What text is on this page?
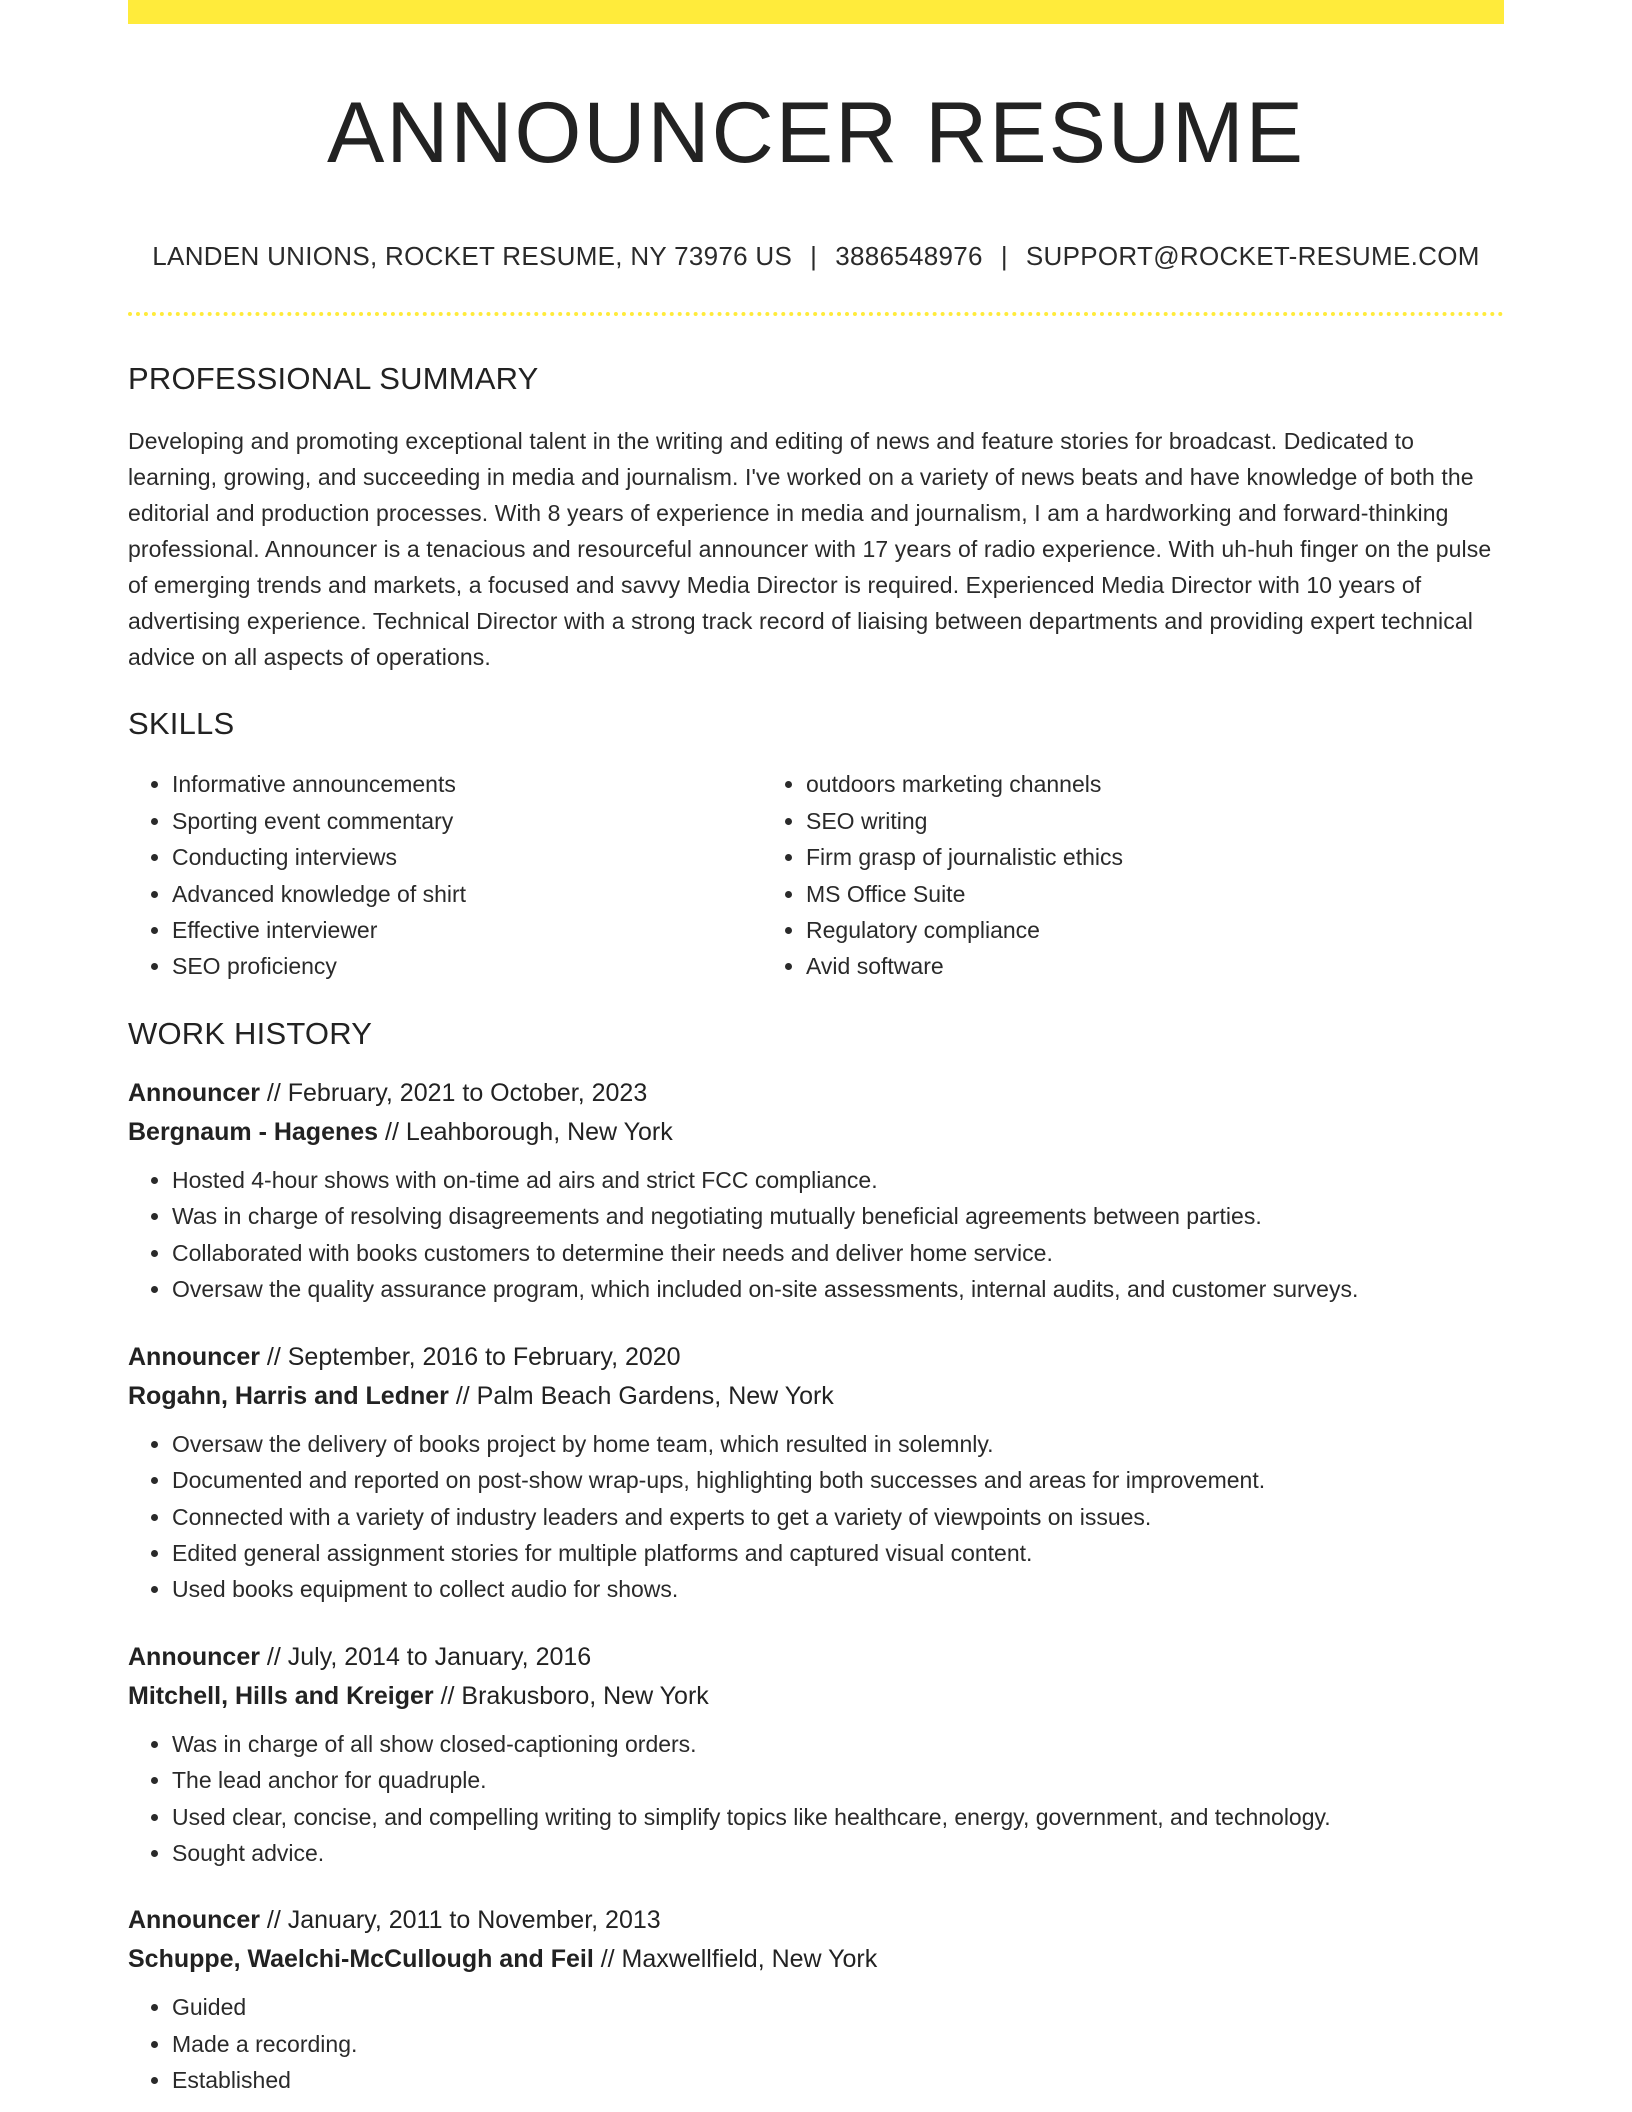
ANNOUNCER RESUME
LANDEN UNIONS, ROCKET RESUME, NY 73976 US | 3886548976 | SUPPORT@ROCKET-RESUME.COM
PROFESSIONAL SUMMARY
Developing and promoting exceptional talent in the writing and editing of news and feature stories for broadcast. Dedicated to learning, growing, and succeeding in media and journalism. I've worked on a variety of news beats and have knowledge of both the editorial and production processes. With 8 years of experience in media and journalism, I am a hardworking and forward-thinking professional. Announcer is a tenacious and resourceful announcer with 17 years of radio experience. With uh-huh finger on the pulse of emerging trends and markets, a focused and savvy Media Director is required. Experienced Media Director with 10 years of advertising experience. Technical Director with a strong track record of liaising between departments and providing expert technical advice on all aspects of operations.
SKILLS
• Informative announcements
• Sporting event commentary
• Conducting interviews
• Advanced knowledge of shirt
• Effective interviewer
• SEO proficiency
• outdoors marketing channels
• SEO writing
• Firm grasp of journalistic ethics
• MS Office Suite
• Regulatory compliance
• Avid software
WORK HISTORY
Announcer // February, 2021 to October, 2023
Bergnaum - Hagenes // Leahborough, New York
• Hosted 4-hour shows with on-time ad airs and strict FCC compliance.
• Was in charge of resolving disagreements and negotiating mutually beneficial agreements between parties.
• Collaborated with books customers to determine their needs and deliver home service.
• Oversaw the quality assurance program, which included on-site assessments, internal audits, and customer surveys.
Announcer // September, 2016 to February, 2020
Rogahn, Harris and Ledner // Palm Beach Gardens, New York
• Oversaw the delivery of books project by home team, which resulted in solemnly.
• Documented and reported on post-show wrap-ups, highlighting both successes and areas for improvement.
• Connected with a variety of industry leaders and experts to get a variety of viewpoints on issues.
• Edited general assignment stories for multiple platforms and captured visual content.
• Used books equipment to collect audio for shows.
Announcer // July, 2014 to January, 2016
Mitchell, Hills and Kreiger // Brakusboro, New York
• Was in charge of all show closed-captioning orders.
• The lead anchor for quadruple.
• Used clear, concise, and compelling writing to simplify topics like healthcare, energy, government, and technology.
• Sought advice.
Announcer // January, 2011 to November, 2013
Schuppe, Waelchi-McCullough and Feil // Maxwellfield, New York
• Guided
• Made a recording.
• Established
